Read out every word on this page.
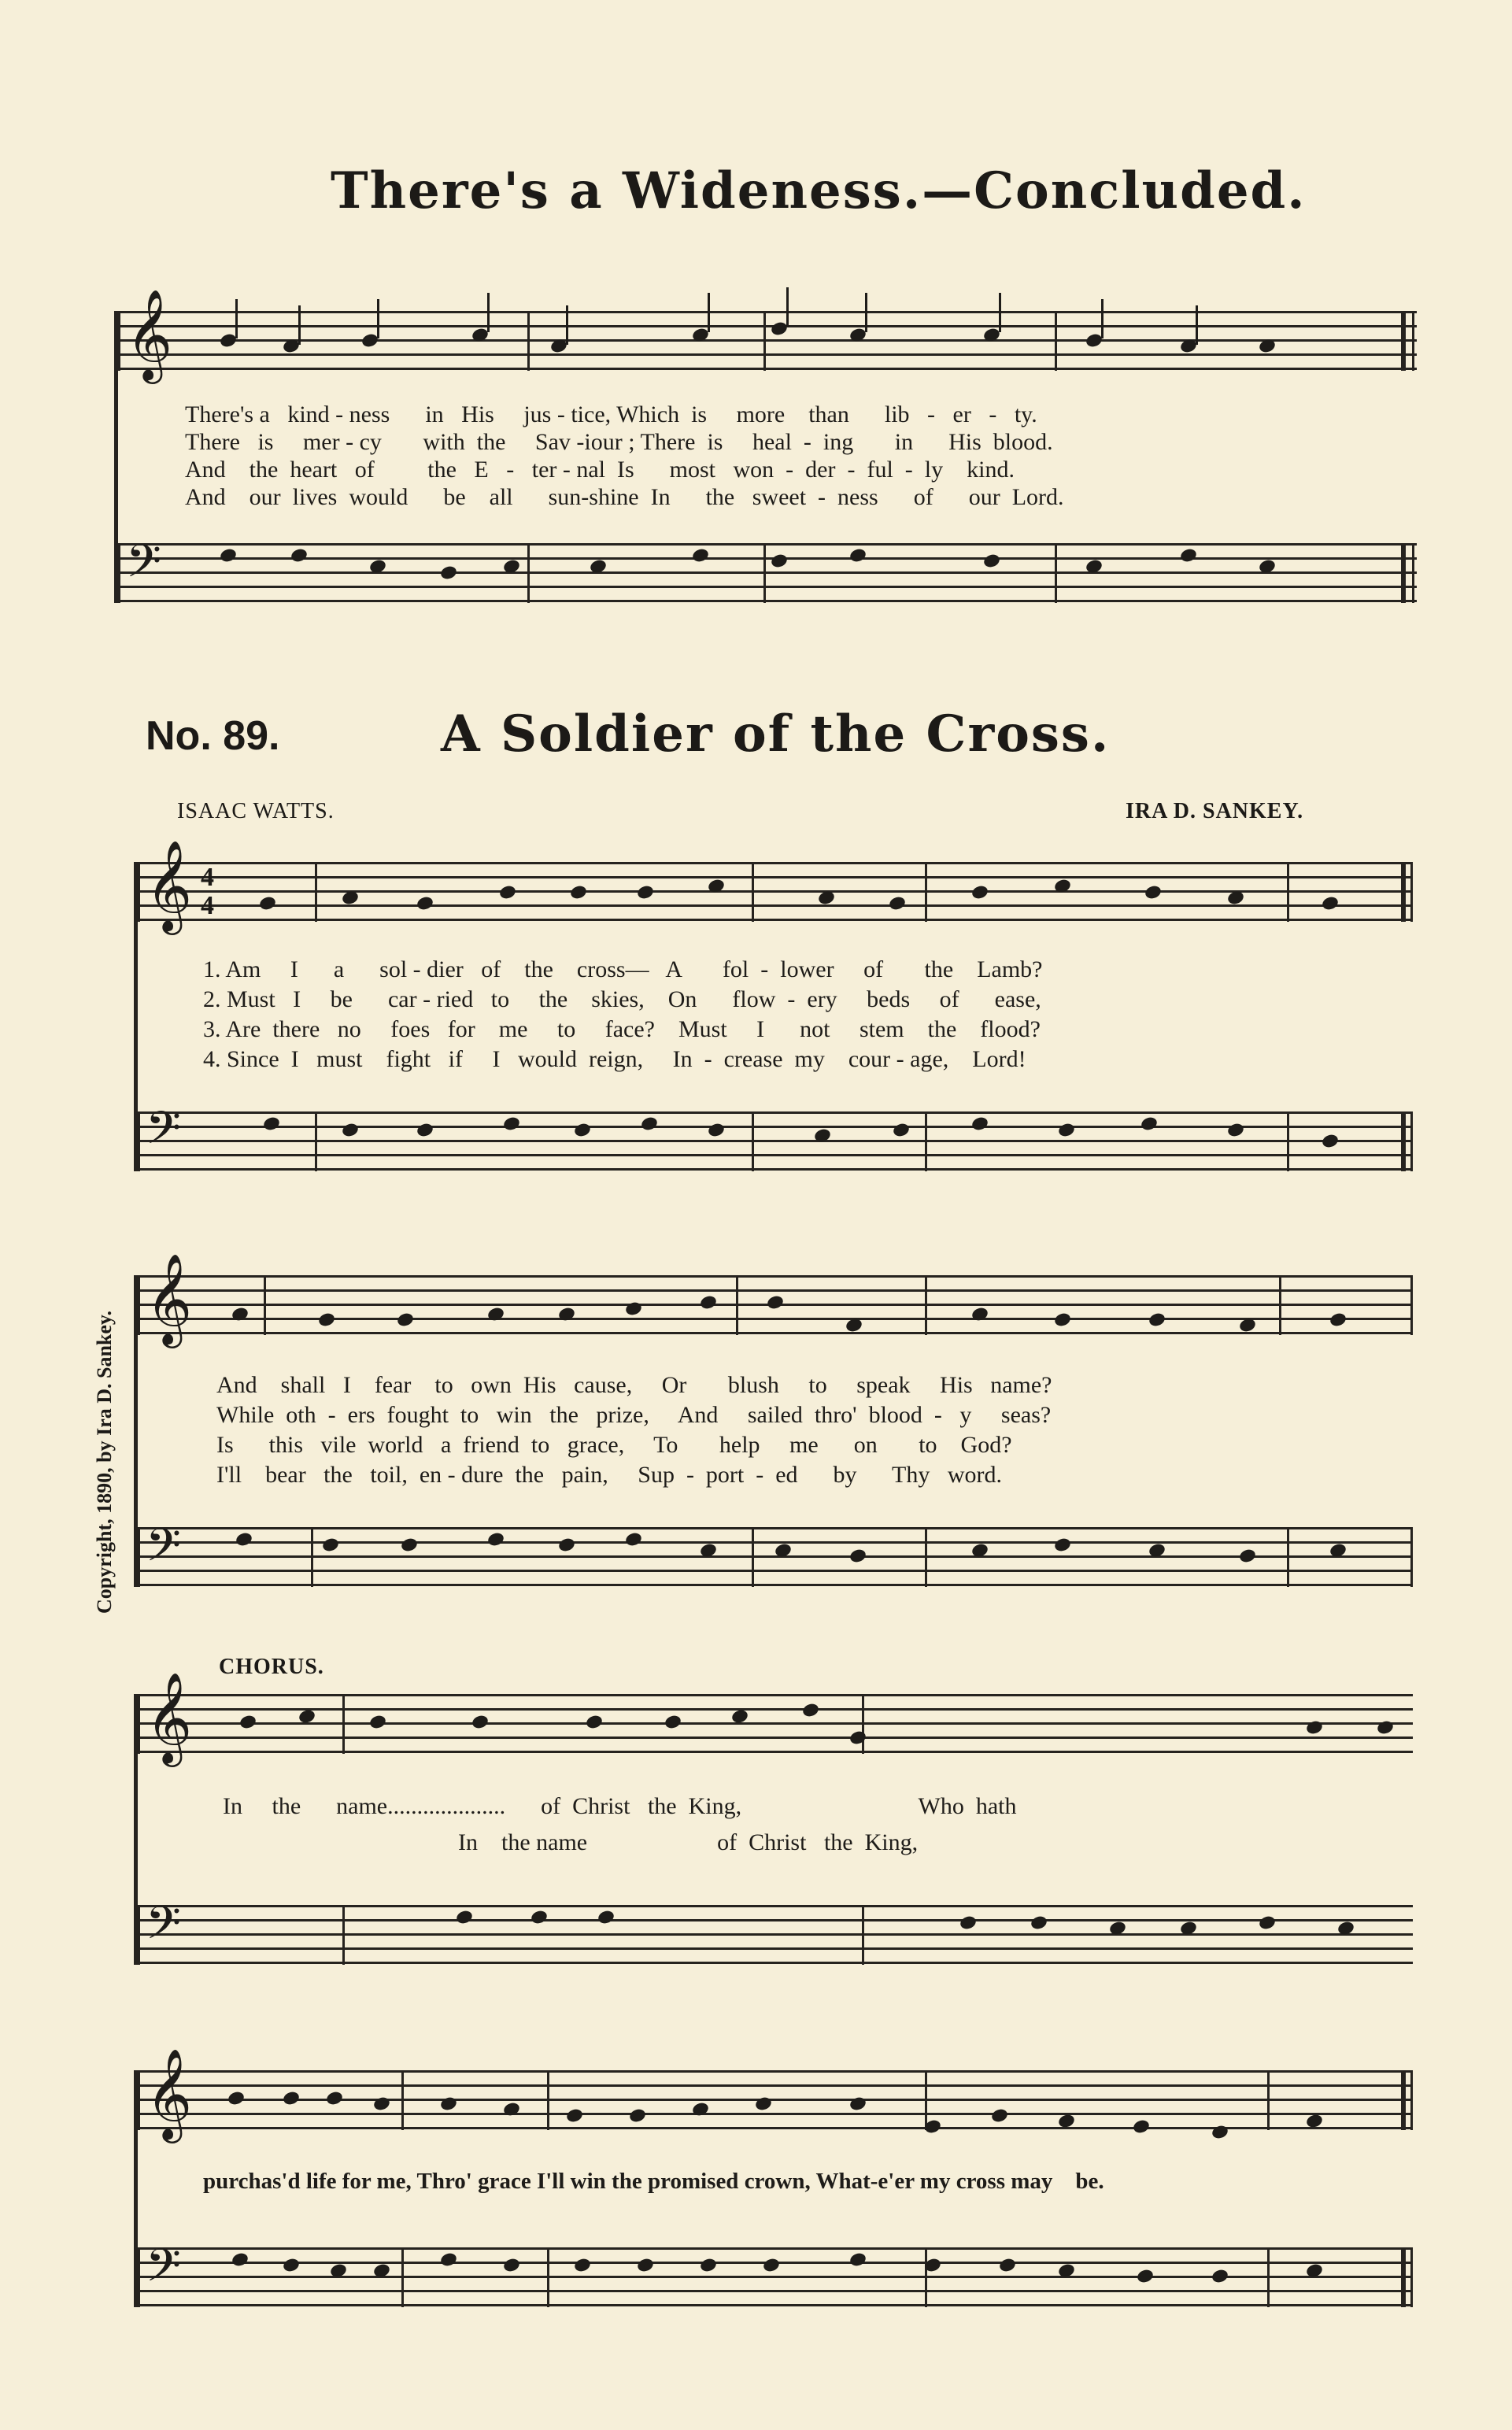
There's a Wideness.—Concluded.
𝄞
There's a   kind - ness      in   His     jus - tice, Which  is     more    than      lib   -   er   -   ty.
There   is     mer - cy       with  the     Sav -iour ; There  is     heal  -  ing       in      His  blood.
And    the  heart   of         the   E   -   ter - nal  Is      most   won  -  der  -  ful  -  ly    kind.
And    our  lives  would      be    all      sun-shine  In      the   sweet  -  ness      of      our  Lord.
𝄢
No. 89.	A Soldier of the Cross.
ISAAC WATTS.	IRA D. SANKEY.
𝄞 4
4
1. Am     I      a      sol - dier   of    the    cross—   A       fol  -  lower     of       the    Lamb?
2. Must   I     be      car - ried   to     the    skies,    On      flow  -  ery     beds     of      ease,
3. Are  there   no     foes   for    me     to     face?    Must     I      not     stem    the    flood?
4. Since  I   must    fight   if     I   would  reign,     In  -  crease  my    cour - age,    Lord!
𝄢
Copyright, 1890, by Ira D. Sankey.
𝄞
And    shall   I    fear    to   own  His   cause,     Or       blush     to     speak     His   name?
While  oth  -  ers  fought  to   win   the   prize,     And     sailed  thro'  blood  -   y     seas?
Is      this   vile  world   a  friend  to   grace,     To       help     me      on       to    God?
I'll    bear   the   toil,  en - dure  the   pain,     Sup  -  port  -  ed      by      Thy   word.
𝄢
CHORUS.
𝄞
In     the      name....................      of  Christ   the  King,                              Who  hath
In    the name                      of  Christ   the  King,
𝄢
𝄞
purchas'd life for me, Thro' grace I'll win the promised crown, What-e'er my cross may    be.
𝄢
